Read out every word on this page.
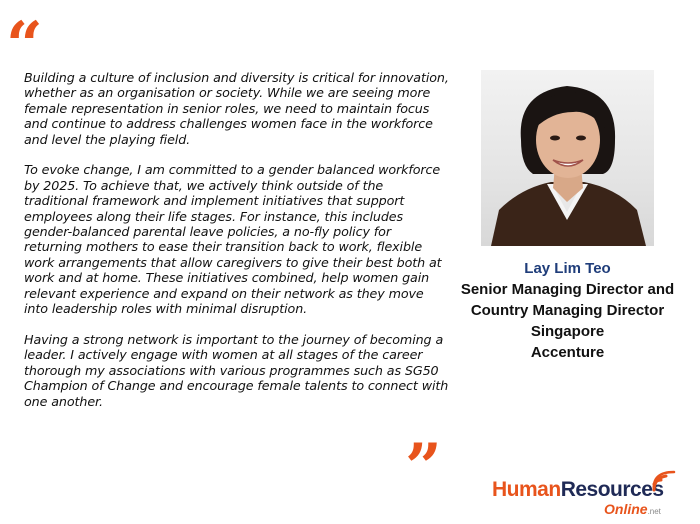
“

Building a culture of inclusion and diversity is critical for innovation, whether as an organisation or society. While we are seeing more female representation in senior roles, we need to maintain focus and continue to address challenges women face in the workforce and level the playing field.

To evoke change, I am committed to a gender balanced workforce by 2025. To achieve that, we actively think outside of the traditional framework and implement initiatives that support employees along their life stages. For instance, this includes gender-balanced parental leave policies, a no-fly policy for returning mothers to ease their transition back to work, flexible work arrangements that allow caregivers to give their best both at work and at home. These initiatives combined, help women gain relevant experience and expand on their network as they move into leadership roles with minimal disruption.

Having a strong network is important to the journey of becoming a leader. I actively engage with women at all stages of the career thorough my associations with various programmes such as SG50 Champion of Change and encourage female talents to connect with one another.

”
Lay Lim Teo
Senior Managing Director and
Country Managing Director
Singapore
Accenture
HumanResources
Online.net
